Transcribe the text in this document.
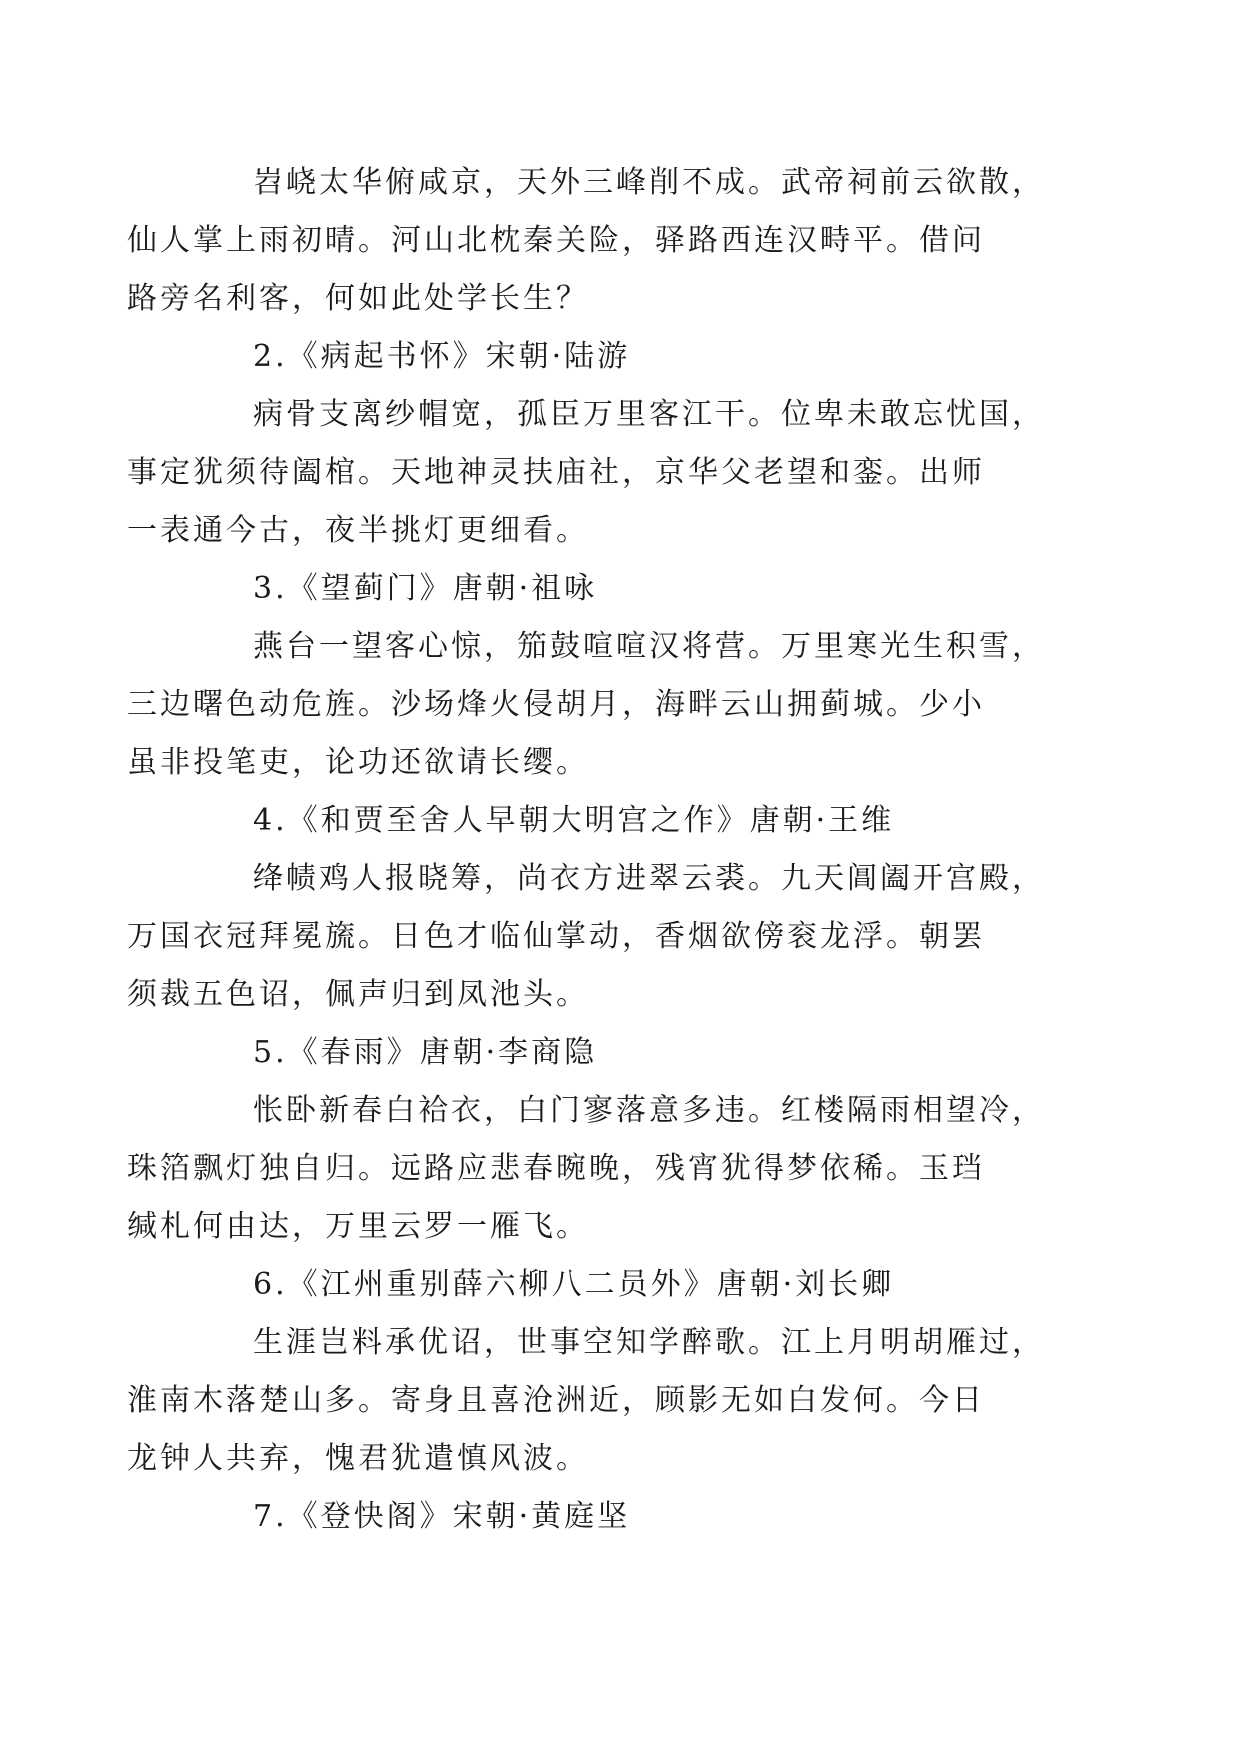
岧峣太华俯咸京，天外三峰削不成。武帝祠前云欲散，
仙人掌上雨初晴。河山北枕秦关险，驿路西连汉畤平。借问
路旁名利客，何如此处学长生？

2.《病起书怀》宋朝·陆游

病骨支离纱帽宽，孤臣万里客江干。位卑未敢忘忧国，
事定犹须待阖棺。天地神灵扶庙社，京华父老望和銮。出师
一表通今古，夜半挑灯更细看。

3.《望蓟门》唐朝·祖咏

燕台一望客心惊，笳鼓喧喧汉将营。万里寒光生积雪，
三边曙色动危旌。沙场烽火侵胡月，海畔云山拥蓟城。少小
虽非投笔吏，论功还欲请长缨。

4.《和贾至舍人早朝大明宫之作》唐朝·王维

绛帻鸡人报晓筹，尚衣方进翠云裘。九天阊阖开宫殿，
万国衣冠拜冕旒。日色才临仙掌动，香烟欲傍衮龙浮。朝罢
须裁五色诏，佩声归到凤池头。

5.《春雨》唐朝·李商隐

怅卧新春白袷衣，白门寥落意多违。红楼隔雨相望冷，
珠箔飘灯独自归。远路应悲春晼晚，残宵犹得梦依稀。玉珰
缄札何由达，万里云罗一雁飞。

6.《江州重别薛六柳八二员外》唐朝·刘长卿

生涯岂料承优诏，世事空知学醉歌。江上月明胡雁过，
淮南木落楚山多。寄身且喜沧洲近，顾影无如白发何。今日
龙钟人共弃，愧君犹遣慎风波。

7.《登快阁》宋朝·黄庭坚
